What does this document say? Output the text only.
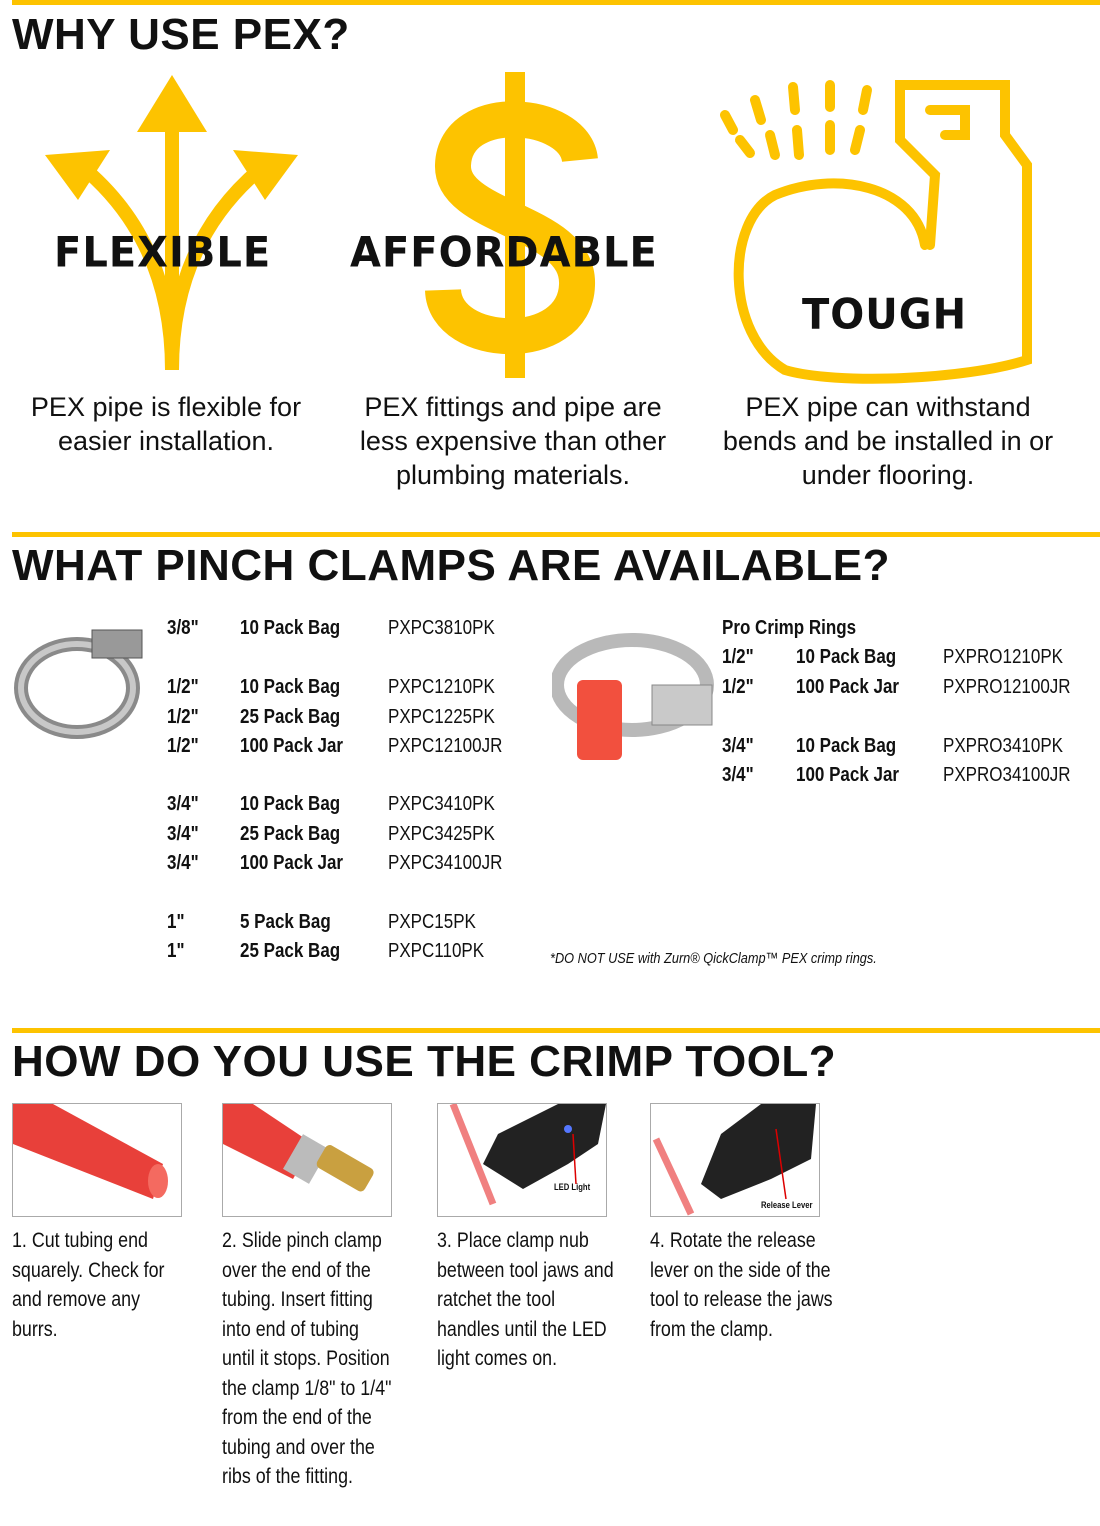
WHY USE PEX?
FLEXIBLE AFFORDABLE
TOUGH
PEX pipe is flexible for easier installation.
PEX fittings and pipe are less expensive than other plumbing materials.
PEX pipe can withstand bends and be installed in or under flooring.
WHAT PINCH CLAMPS ARE AVAILABLE?
3/8" 10 Pack Bag PXPC3810PK
1/2" 10 Pack Bag PXPC1210PK
1/2" 25 Pack Bag PXPC1225PK
1/2" 100 Pack Jar PXPC12100JR
3/4" 10 Pack Bag PXPC3410PK
3/4" 25 Pack Bag PXPC3425PK
3/4" 100 Pack Jar PXPC34100JR
1"	5 Pack Bag	PXPC15PK
1"	25 Pack Bag PXPC110PK
Pro Crimp Rings
1/2" 10 Pack Bag PXPRO1210PK
1/2" 100 Pack Jar PXPRO12100JR
3/4" 10 Pack Bag PXPRO3410PK
3/4" 100 Pack Jar PXPRO34100JR
*DO NOT USE with Zurn® QickClamp™ PEX crimp rings.
HOW DO YOU USE THE CRIMP TOOL?
LED Light
Release Lever
1. Cut tubing end squarely. Check for and remove any burrs.
2. Slide pinch clamp over the end of the tubing. Insert fitting into end of tubing until it stops. Position the clamp 1/8" to 1/4" from the end of the tubing and over the ribs of the fitting.
3. Place clamp nub between tool jaws and ratchet the tool handles until the LED light comes on.
4. Rotate the release lever on the side of the tool to release the jaws from the clamp.
